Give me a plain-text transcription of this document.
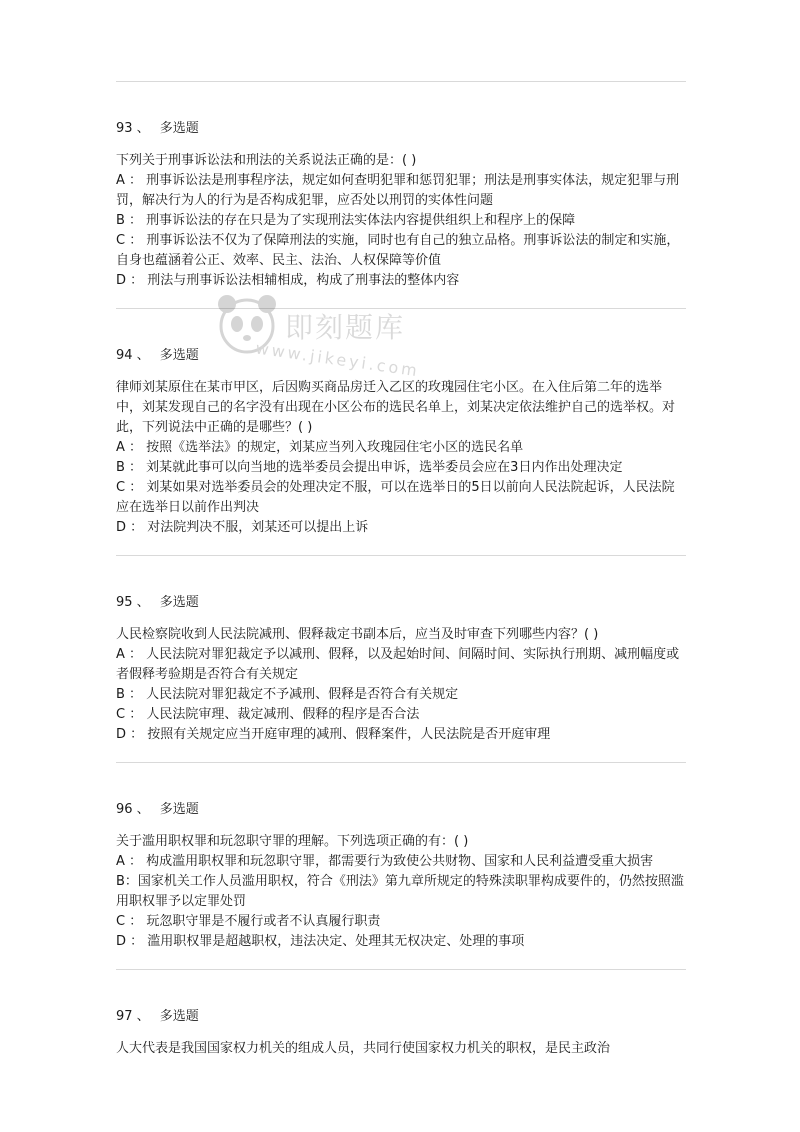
93 、 多选题

下列关于刑事诉讼法和刑法的关系说法正确的是：( )

A ： 刑事诉讼法是刑事程序法，规定如何查明犯罪和惩罚犯罪；刑法是刑事实体法，规定犯罪与刑罚，解决行为人的行为是否构成犯罪，应否处以刑罚的实体性问题

B ： 刑事诉讼法的存在只是为了实现刑法实体法内容提供组织上和程序上的保障

C ： 刑事诉讼法不仅为了保障刑法的实施，同时也有自己的独立品格。刑事诉讼法的制定和实施，自身也蕴涵着公正、效率、民主、法治、人权保障等价值

D ： 刑法与刑事诉讼法相辅相成，构成了刑事法的整体内容

94 、 多选题

律师刘某原住在某市甲区，后因购买商品房迁入乙区的玫瑰园住宅小区。在入住后第二年的选举中，刘某发现自己的名字没有出现在小区公布的选民名单上，刘某决定依法维护自己的选举权。对此，下列说法中正确的是哪些？( )

A ： 按照《选举法》的规定，刘某应当列入玫瑰园住宅小区的选民名单

B ： 刘某就此事可以向当地的选举委员会提出申诉，选举委员会应在3日内作出处理决定

C ： 刘某如果对选举委员会的处理决定不服，可以在选举日的5日以前向人民法院起诉，人民法院应在选举日以前作出判决

D ： 对法院判决不服，刘某还可以提出上诉

95 、 多选题

人民检察院收到人民法院减刑、假释裁定书副本后，应当及时审查下列哪些内容？( )

A ： 人民法院对罪犯裁定予以减刑、假释，以及起始时间、间隔时间、实际执行刑期、减刑幅度或者假释考验期是否符合有关规定

B ： 人民法院对罪犯裁定不予减刑、假释是否符合有关规定

C ： 人民法院审理、裁定减刑、假释的程序是否合法

D ： 按照有关规定应当开庭审理的减刑、假释案件，人民法院是否开庭审理

96 、 多选题

关于滥用职权罪和玩忽职守罪的理解。下列选项正确的有：( )

A ： 构成滥用职权罪和玩忽职守罪，都需要行为致使公共财物、国家和人民利益遭受重大损害

B：国家机关工作人员滥用职权，符合《刑法》第九章所规定的特殊渎职罪构成要件的，仍然按照滥用职权罪予以定罪处罚

C ： 玩忽职守罪是不履行或者不认真履行职责

D ： 滥用职权罪是超越职权，违法决定、处理其无权决定、处理的事项

97 、 多选题

人大代表是我国国家权力机关的组成人员，共同行使国家权力机关的职权，是民主政治

即刻题库
www.jikeyi.com
